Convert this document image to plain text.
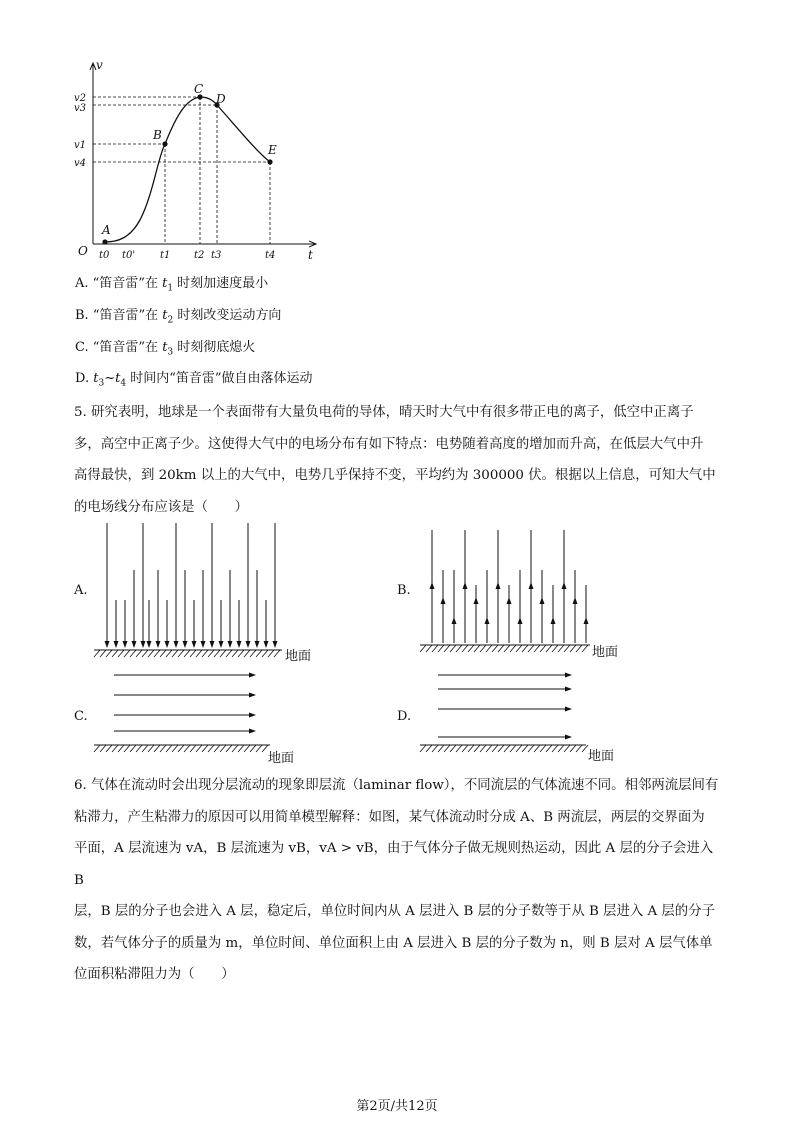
v
t
A
B
C
D
E
O
v2
v3
v1
v4
t0 t0' t1 t2 t3	t4
A. “笛音雷”在 $t_1$ 时刻加速度最小
B. “笛音雷”在 $t_2$ 时刻改变运动方向
C. “笛音雷”在 $t_3$ 时刻彻底熄火
D. $t_3\sim t_4$ 时间内“笛音雷”做自由落体运动

5. 研究表明，地球是一个表面带有大量负电荷的导体，晴天时大气中有很多带正电的离子，低空中正离子

多，高空中正离子少。这使得大气中的电场分布有如下特点：电势随着高度的增加而升高，在低层大气中升

高得最快，到 20km 以上的大气中，电势几乎保持不变，平均约为 300000 伏。根据以上信息，可知大气中

的电场线分布应该是（　　）

A.
地面
B.
地面
C.
地面
D.
地面

6. 气体在流动时会出现分层流动的现象即层流（laminar flow），不同流层的气体流速不同。相邻两流层间有

粘滞力，产生粘滞力的原因可以用简单模型解释：如图，某气体流动时分成 A、B 两流层，两层的交界面为

平面，A 层流速为 vA，B 层流速为 vB，vA > vB，由于气体分子做无规则热运动，因此 A 层的分子会进入 B

层，B 层的分子也会进入 A 层，稳定后，单位时间内从 A 层进入 B 层的分子数等于从 B 层进入 A 层的分子

数，若气体分子的质量为 m，单位时间、单位面积上由 A 层进入 B 层的分子数为 n，则 B 层对 A 层气体单

位面积粘滞阻力为（　　）

第2页/共12页
